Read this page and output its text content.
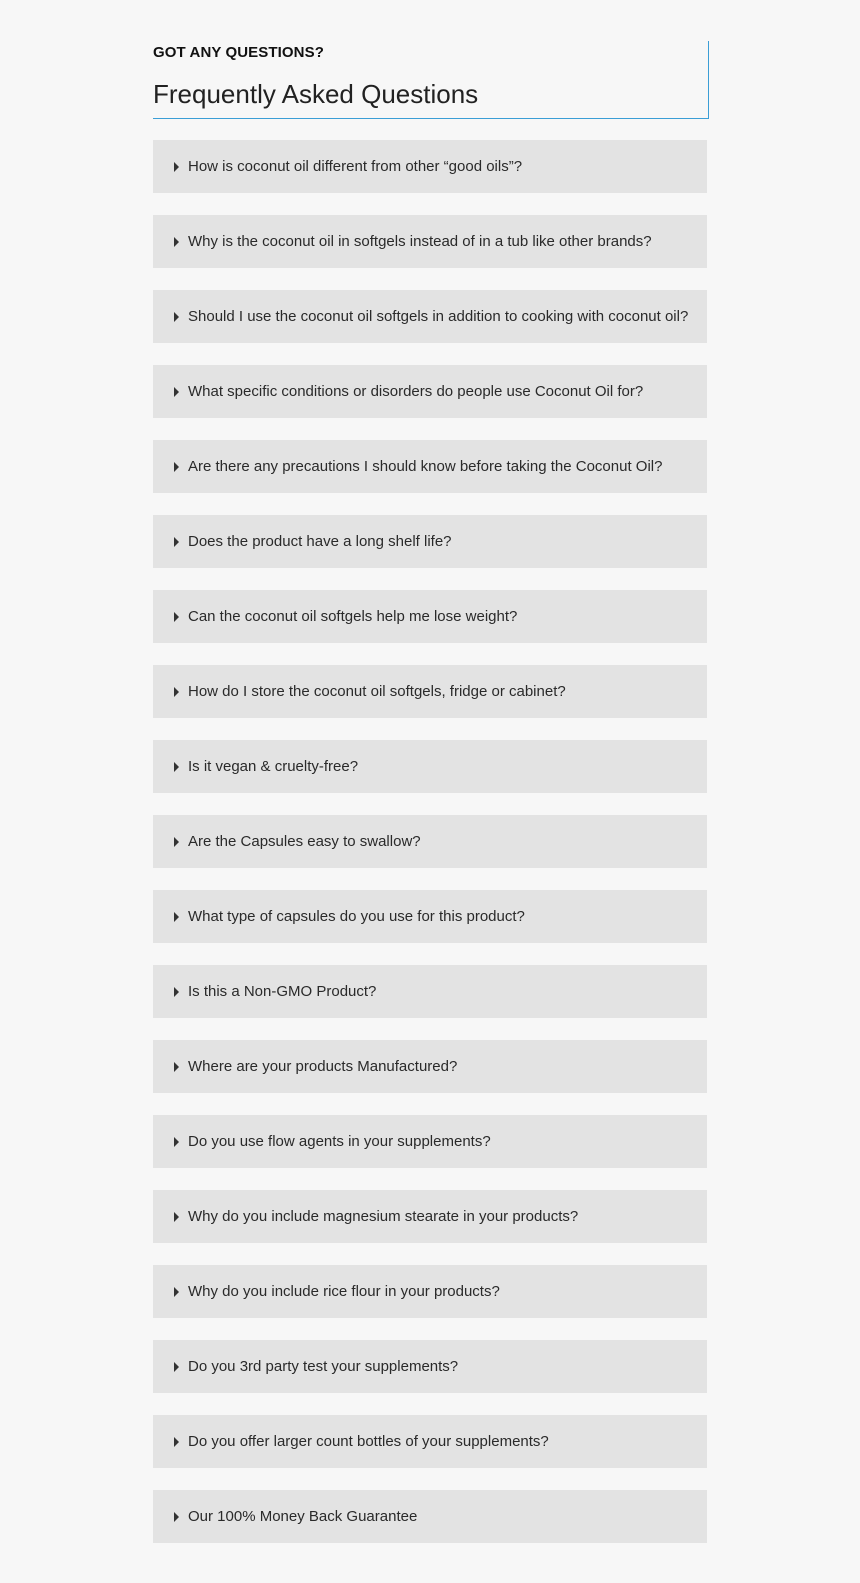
GOT ANY QUESTIONS?
Frequently Asked Questions
How is coconut oil different from other “good oils”?
Why is the coconut oil in softgels instead of in a tub like other brands?
Should I use the coconut oil softgels in addition to cooking with coconut oil?
What specific conditions or disorders do people use Coconut Oil for?
Are there any precautions I should know before taking the Coconut Oil?
Does the product have a long shelf life?
Can the coconut oil softgels help me lose weight?
How do I store the coconut oil softgels, fridge or cabinet?
Is it vegan & cruelty-free?
Are the Capsules easy to swallow?
What type of capsules do you use for this product?
Is this a Non-GMO Product?
Where are your products Manufactured?
Do you use flow agents in your supplements?
Why do you include magnesium stearate in your products?
Why do you include rice flour in your products?
Do you 3rd party test your supplements?
Do you offer larger count bottles of your supplements?
Our 100% Money Back Guarantee
